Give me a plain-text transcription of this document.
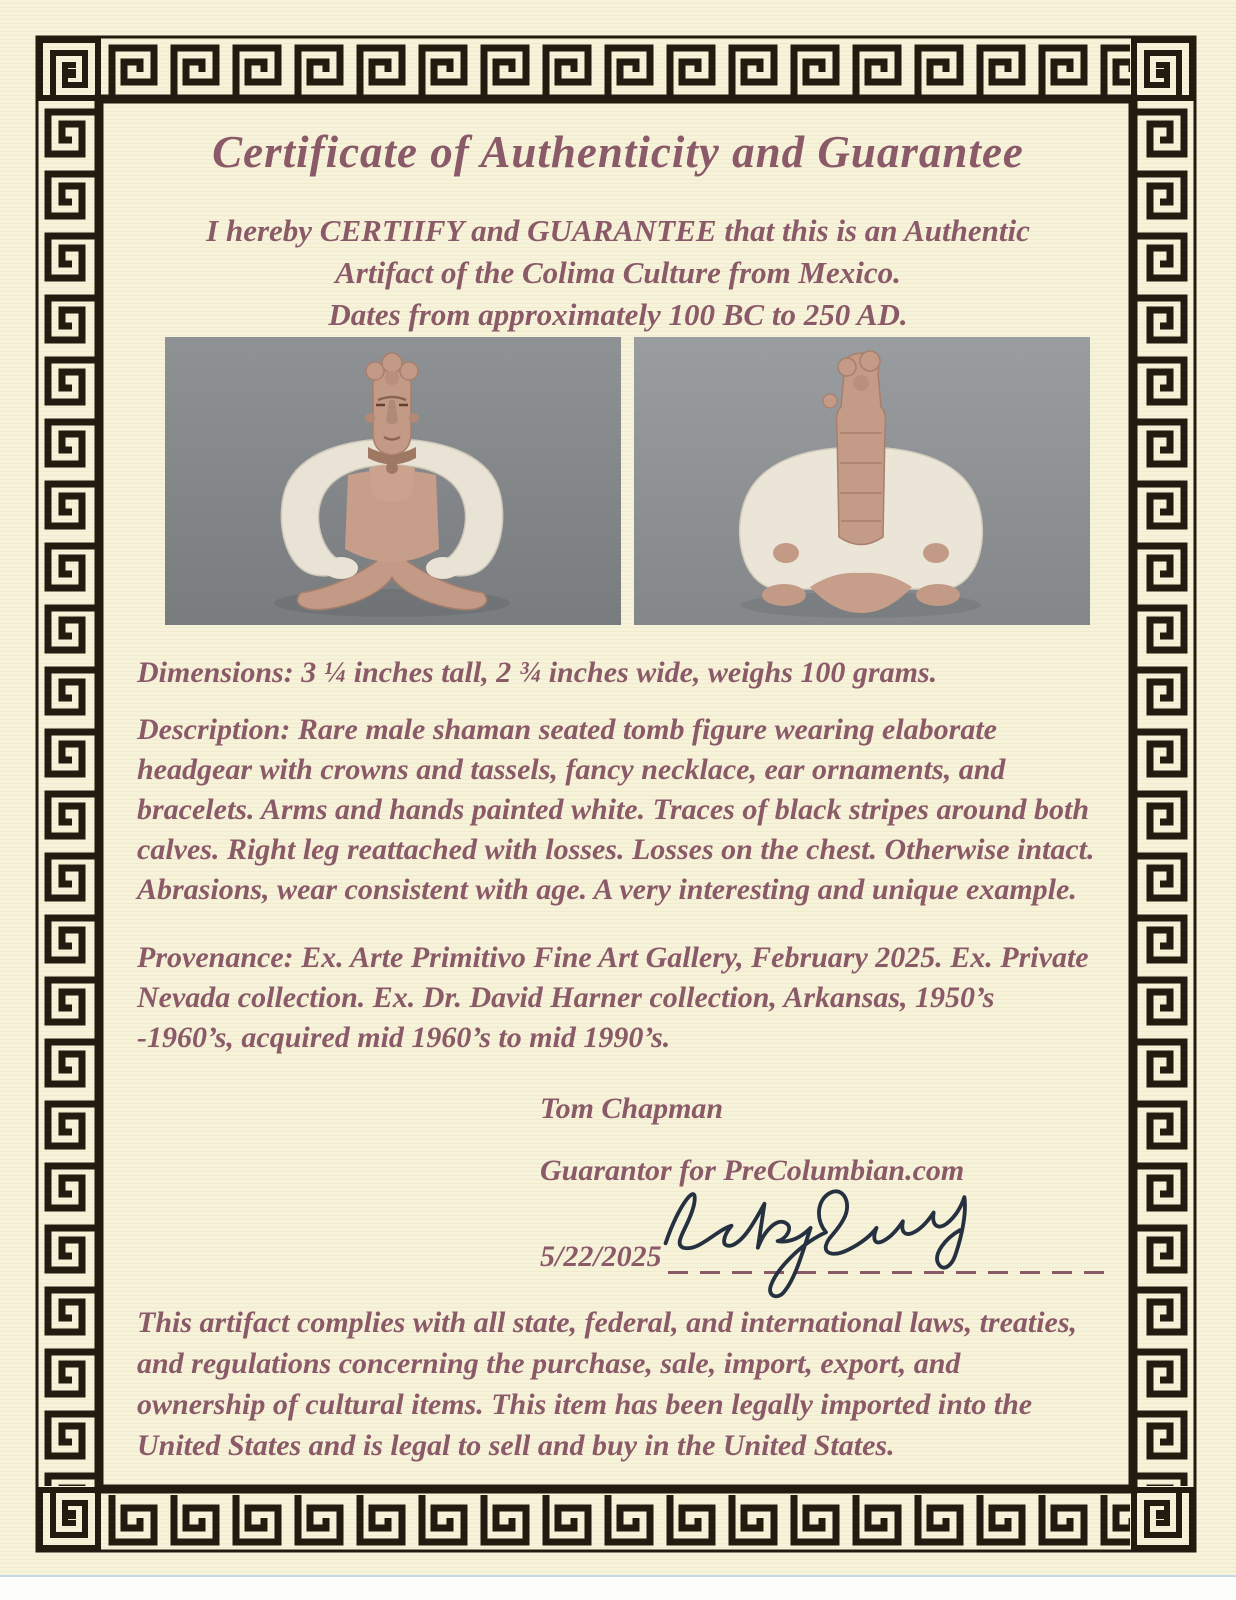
Certificate of Authenticity and Guarantee
I hereby CERTIIFY and GUARANTEE that this is an Authentic
Artifact of the Colima Culture from Mexico.
Dates from approximately 100 BC to 250 AD.

Dimensions: 3 ¼ inches tall, 2 ¾ inches wide, weighs 100 grams.

Description: Rare male shaman seated tomb figure wearing elaborate headgear with crowns and tassels, fancy necklace, ear ornaments, and bracelets. Arms and hands painted white. Traces of black stripes around both calves. Right leg reattached with losses. Losses on the chest. Otherwise intact. Abrasions, wear consistent with age. A very interesting and unique example.

Provenance: Ex. Arte Primitivo Fine Art Gallery, February 2025. Ex. Private Nevada collection. Ex. Dr. David Harner collection, Arkansas, 1950’s -1960’s, acquired mid 1960’s to mid 1990’s.

Tom Chapman
Guarantor for PreColumbian.com
5/22/2025

This artifact complies with all state, federal, and international laws, treaties, and regulations concerning the purchase, sale, import, export, and ownership of cultural items. This item has been legally imported into the United States and is legal to sell and buy in the United States.
